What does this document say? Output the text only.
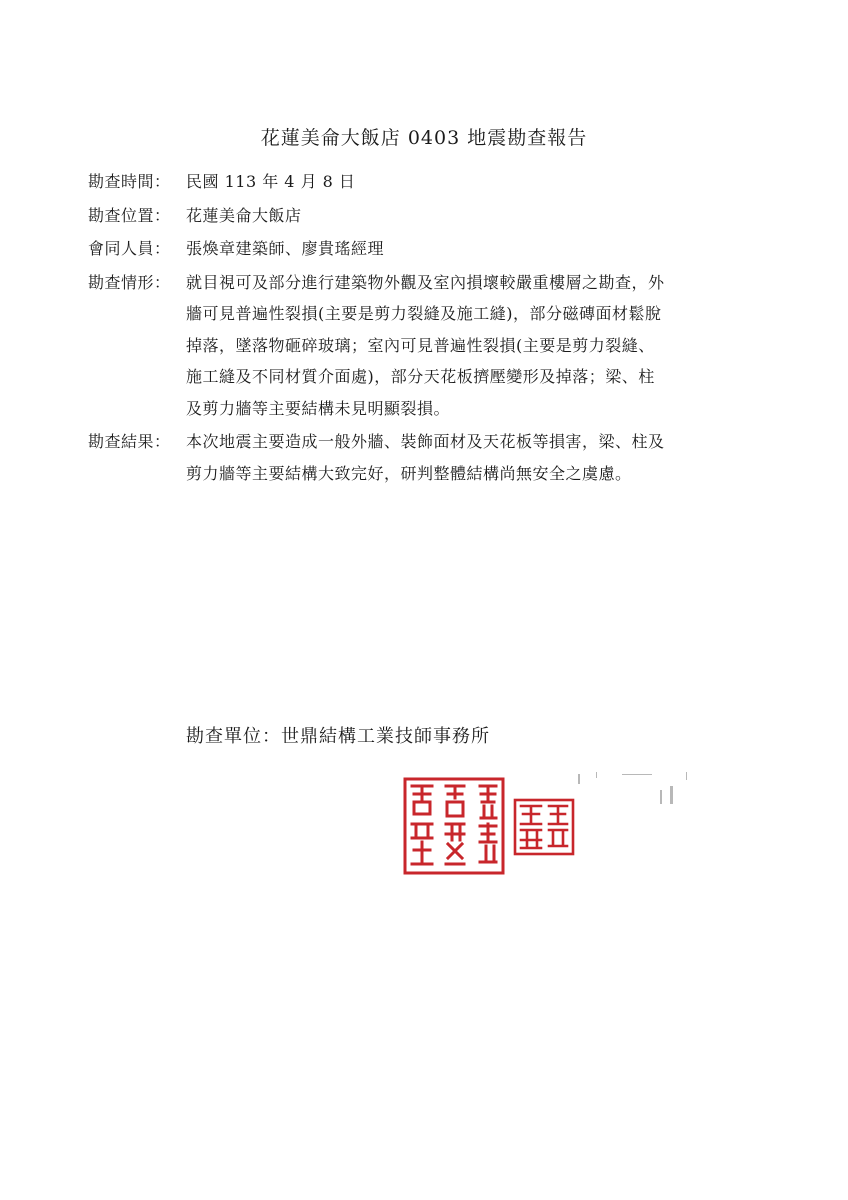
花蓮美侖大飯店 0403 地震勘查報告
勘查時間： 民國 113 年 4 月 8 日
勘查位置： 花蓮美侖大飯店
會同人員： 張煥章建築師、廖貴瑤經理
勘查情形： 就目視可及部分進行建築物外觀及室內損壞較嚴重樓層之勘查，外
牆可見普遍性裂損(主要是剪力裂縫及施工縫)，部分磁磚面材鬆脫
掉落，墜落物砸碎玻璃；室內可見普遍性裂損(主要是剪力裂縫、
施工縫及不同材質介面處)，部分天花板擠壓變形及掉落；梁、柱
及剪力牆等主要結構未見明顯裂損。
勘查結果： 本次地震主要造成一般外牆、裝飾面材及天花板等損害，梁、柱及
剪力牆等主要結構大致完好，研判整體結構尚無安全之虞慮。
勘查單位：世鼎結構工業技師事務所
